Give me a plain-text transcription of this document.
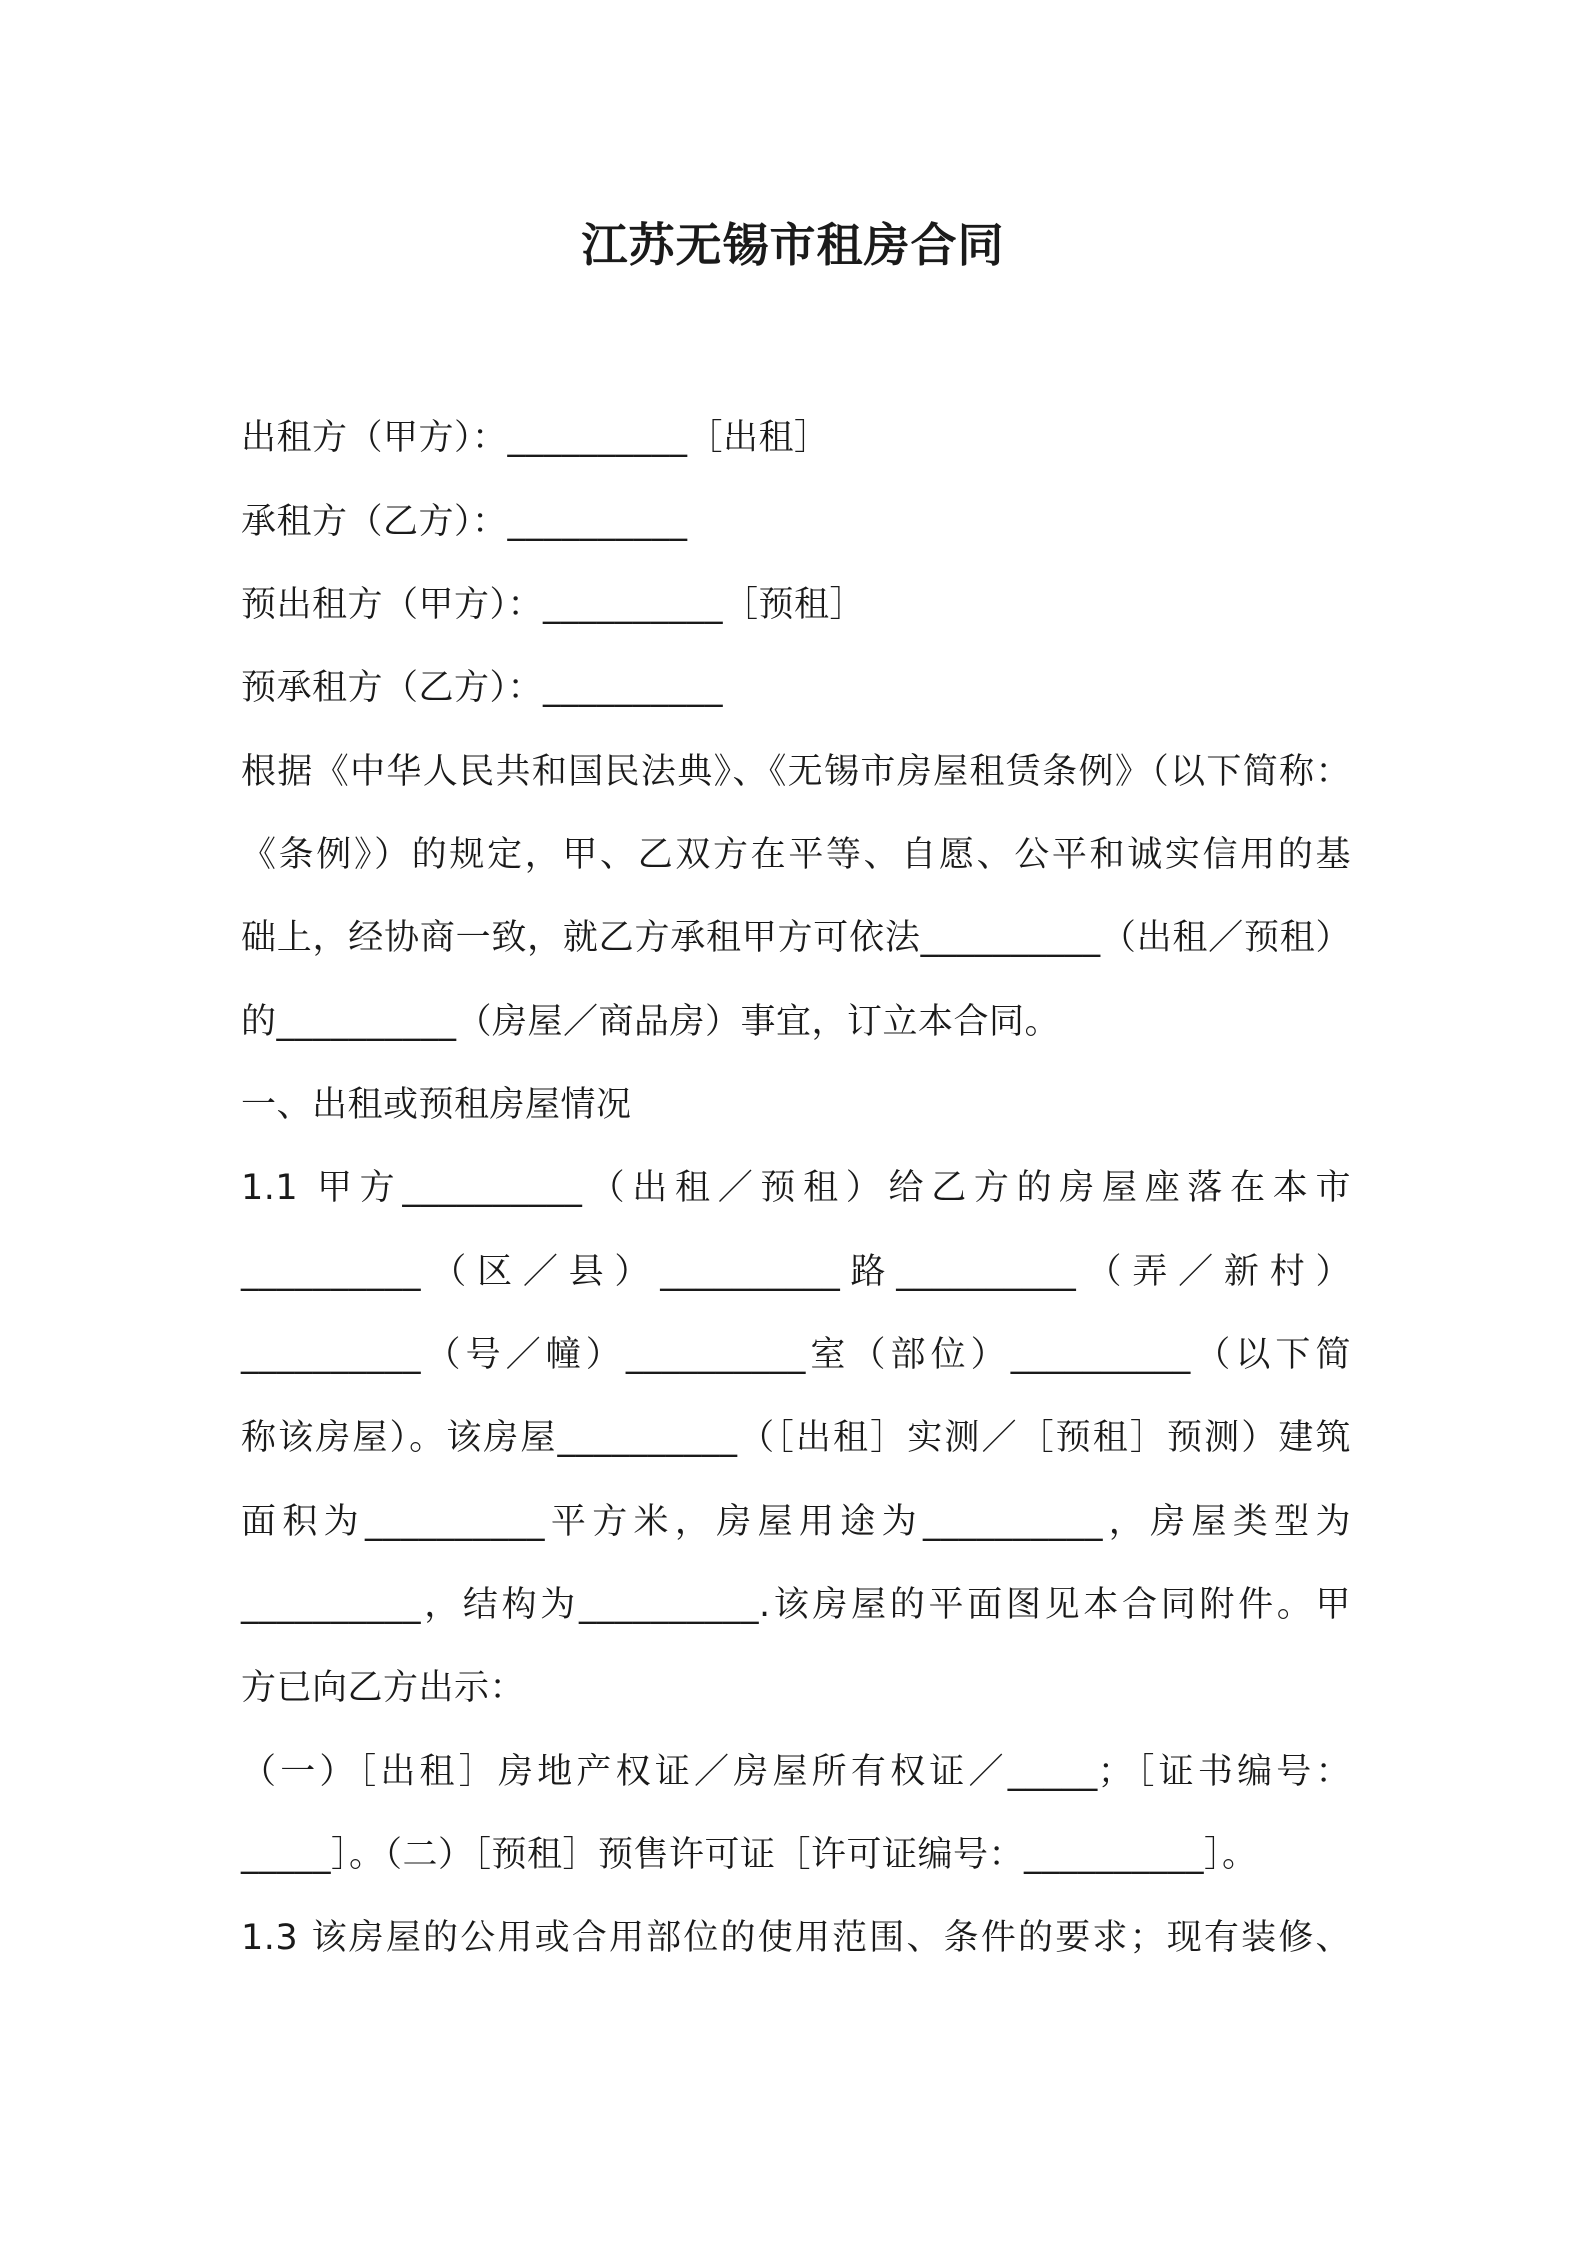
江苏无锡市租房合同
出租方（甲方）：__________［出租］
承租方（乙方）：__________
预出租方（甲方）：__________［预租］
预承租方（乙方）：__________
根据《中华人民共和国民法典》、《无锡市房屋租赁条例》（以下简称：
《条例》）的规定，甲、乙双方在平等、自愿、公平和诚实信用的基
础上，经协商一致，就乙方承租甲方可依法__________（出租／预租）
的__________（房屋／商品房）事宜，订立本合同。
一、出租或预租房屋情况
1.1 甲方__________（出租／预租）给乙方的房屋座落在本市
__________（区／县）__________路__________（弄／新村）
__________（号／幢）__________室（部位）__________（以下简
称该房屋）。该房屋__________（［出租］实测／［预租］预测）建筑
面积为__________平方米，房屋用途为__________，房屋类型为
__________，结构为__________.该房屋的平面图见本合同附件。甲
方已向乙方出示：
（一）［出租］房地产权证／房屋所有权证／_____；［证书编号：
_____］。（二）［预租］预售许可证［许可证编号：__________］。
1.3 该房屋的公用或合用部位的使用范围、条件的要求；现有装修、
